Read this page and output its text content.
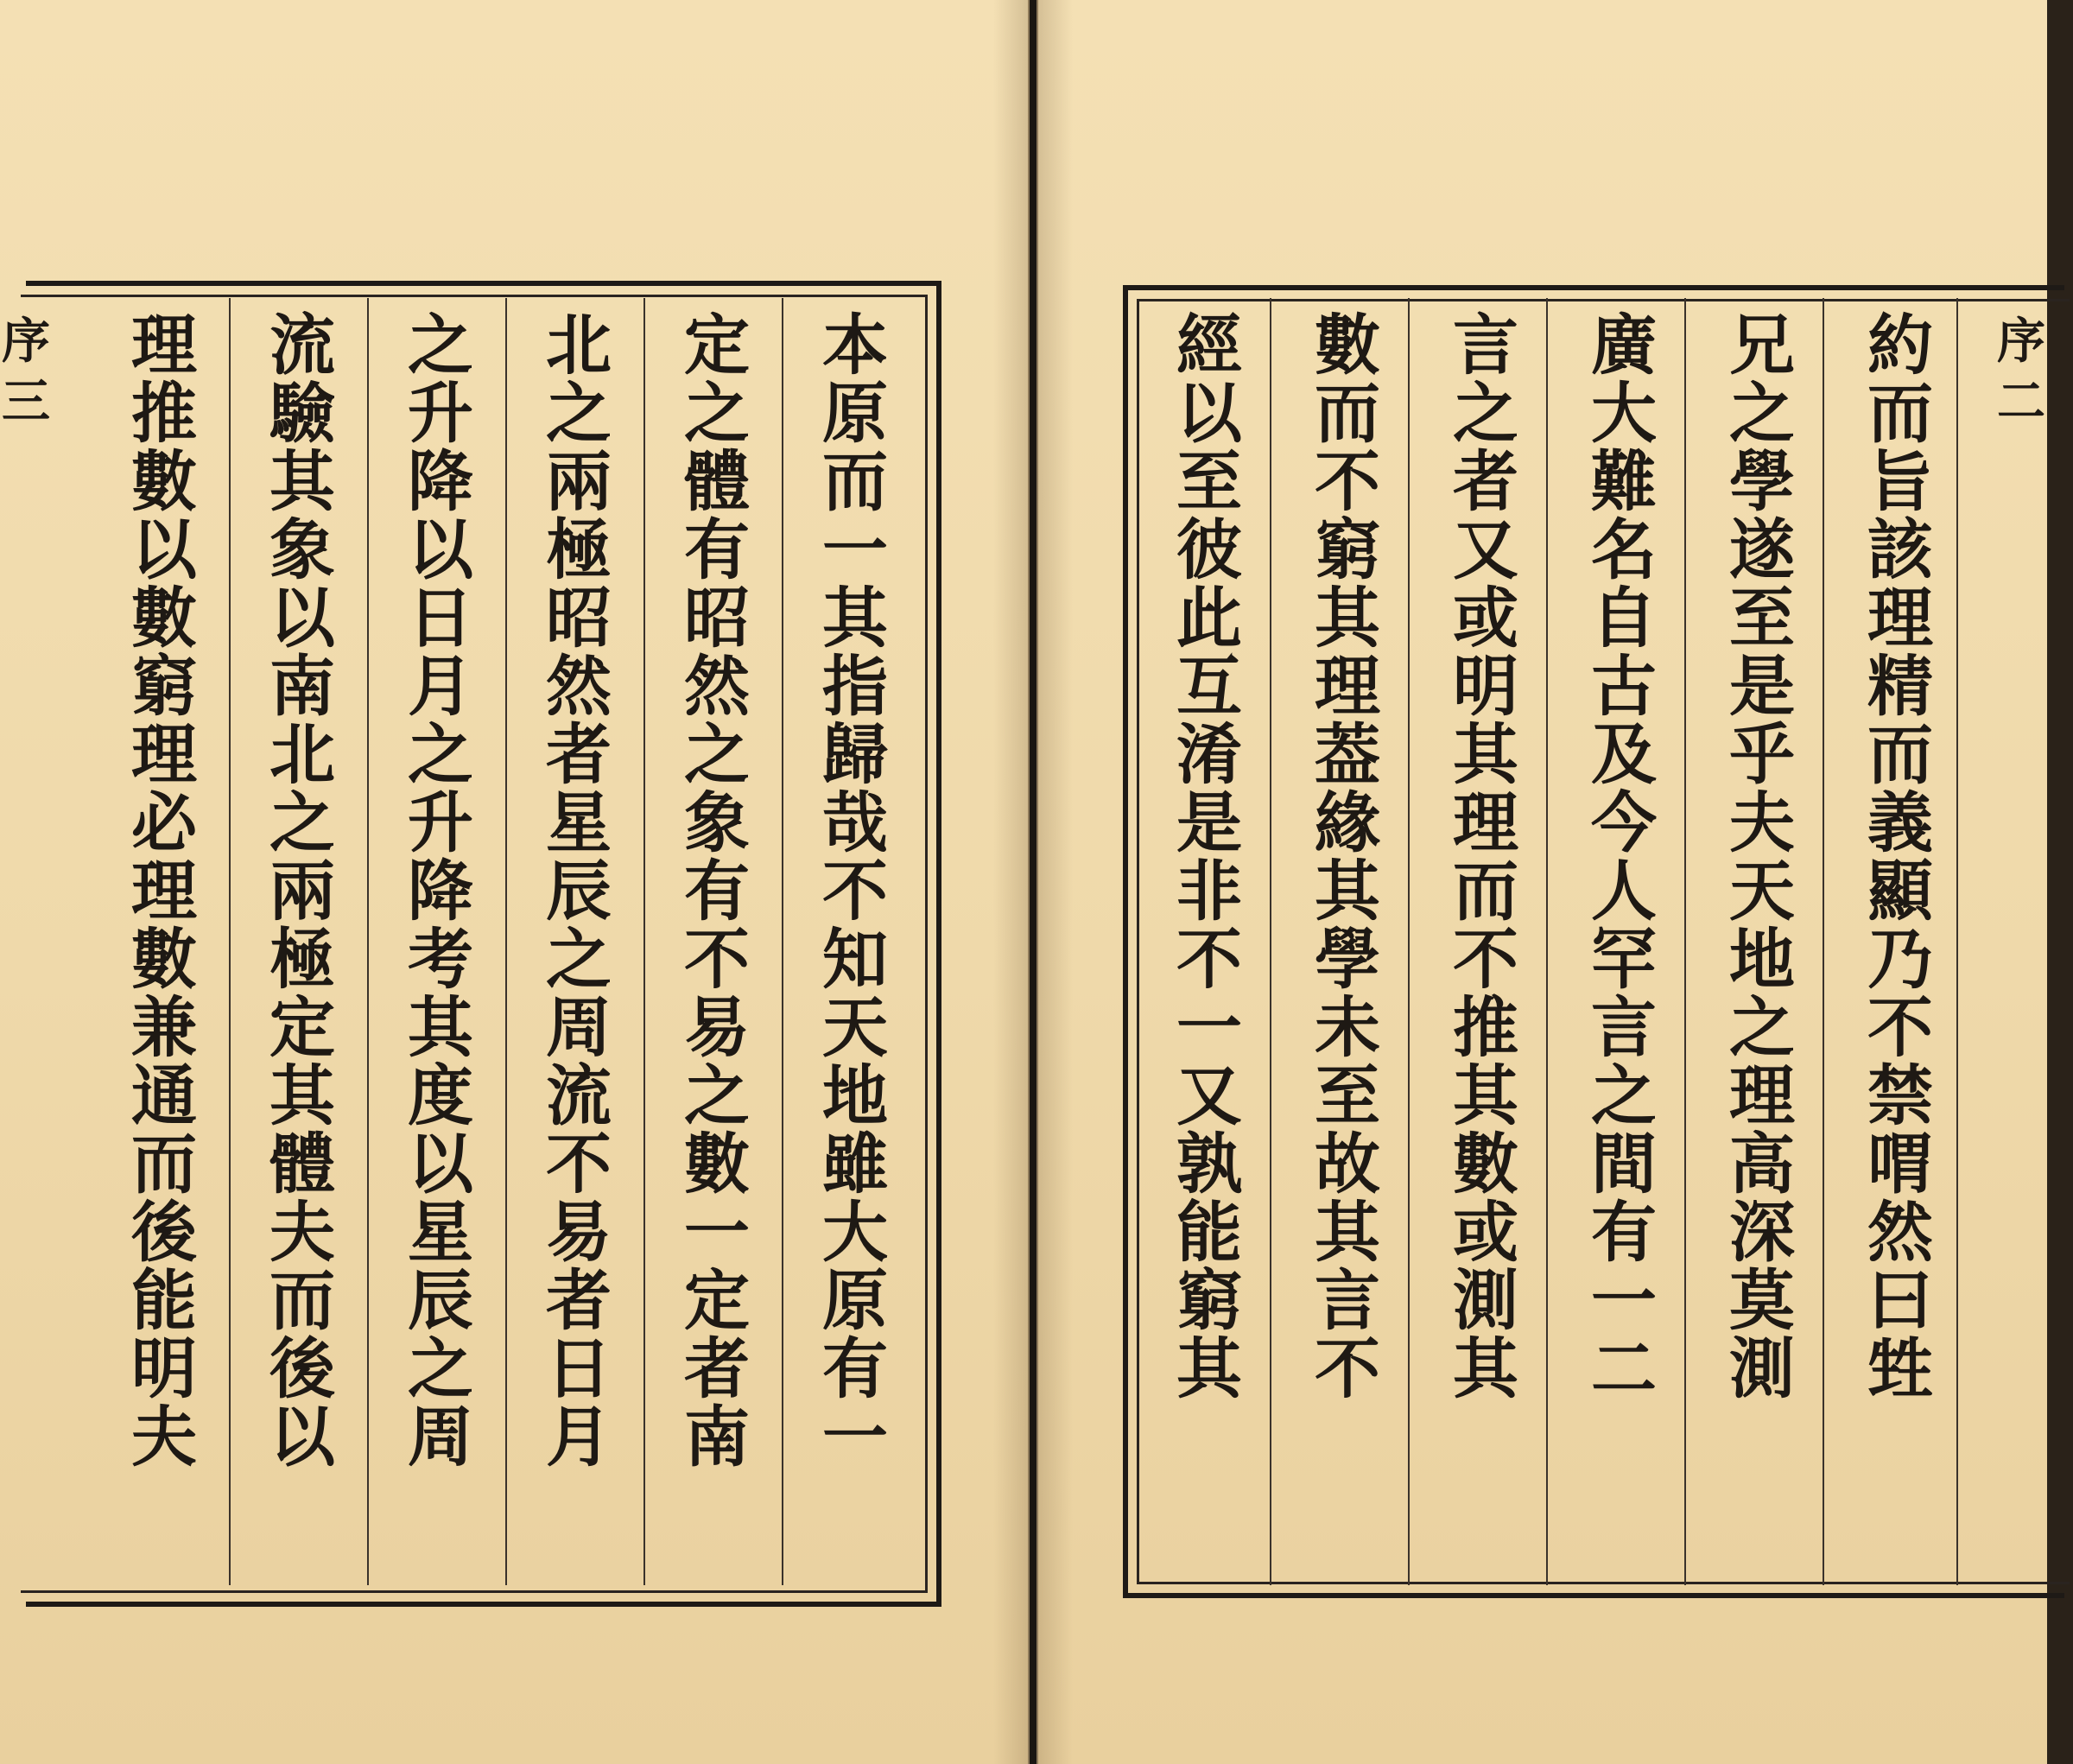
序
三
序
二
本
原
而
一
其
指
歸
哉
不
知
天
地
雖
大
原
有
一
定
之
體
有
昭
然
之
象
有
不
易
之
數
一
定
者
南
北
之
兩
極
昭
然
者
星
辰
之
周
流
不
易
者
日
月
之
升
降
以
日
月
之
升
降
考
其
度
以
星
辰
之
周
流
驗
其
象
以
南
北
之
兩
極
定
其
體
夫
而
後
以
理
推
數
以
數
窮
理
必
理
數
兼
通
而
後
能
明
夫
約
而
旨
該
理
精
而
義
顯
乃
不
禁
喟
然
曰
甡
兄
之
學
遂
至
是
乎
夫
天
地
之
理
高
深
莫
測
廣
大
難
名
自
古
及
今
人
罕
言
之
間
有
一
二
言
之
者
又
或
明
其
理
而
不
推
其
數
或
測
其
數
而
不
窮
其
理
葢
緣
其
學
未
至
故
其
言
不
經
以
至
彼
此
互
淆
是
非
不
一
又
孰
能
窮
其
